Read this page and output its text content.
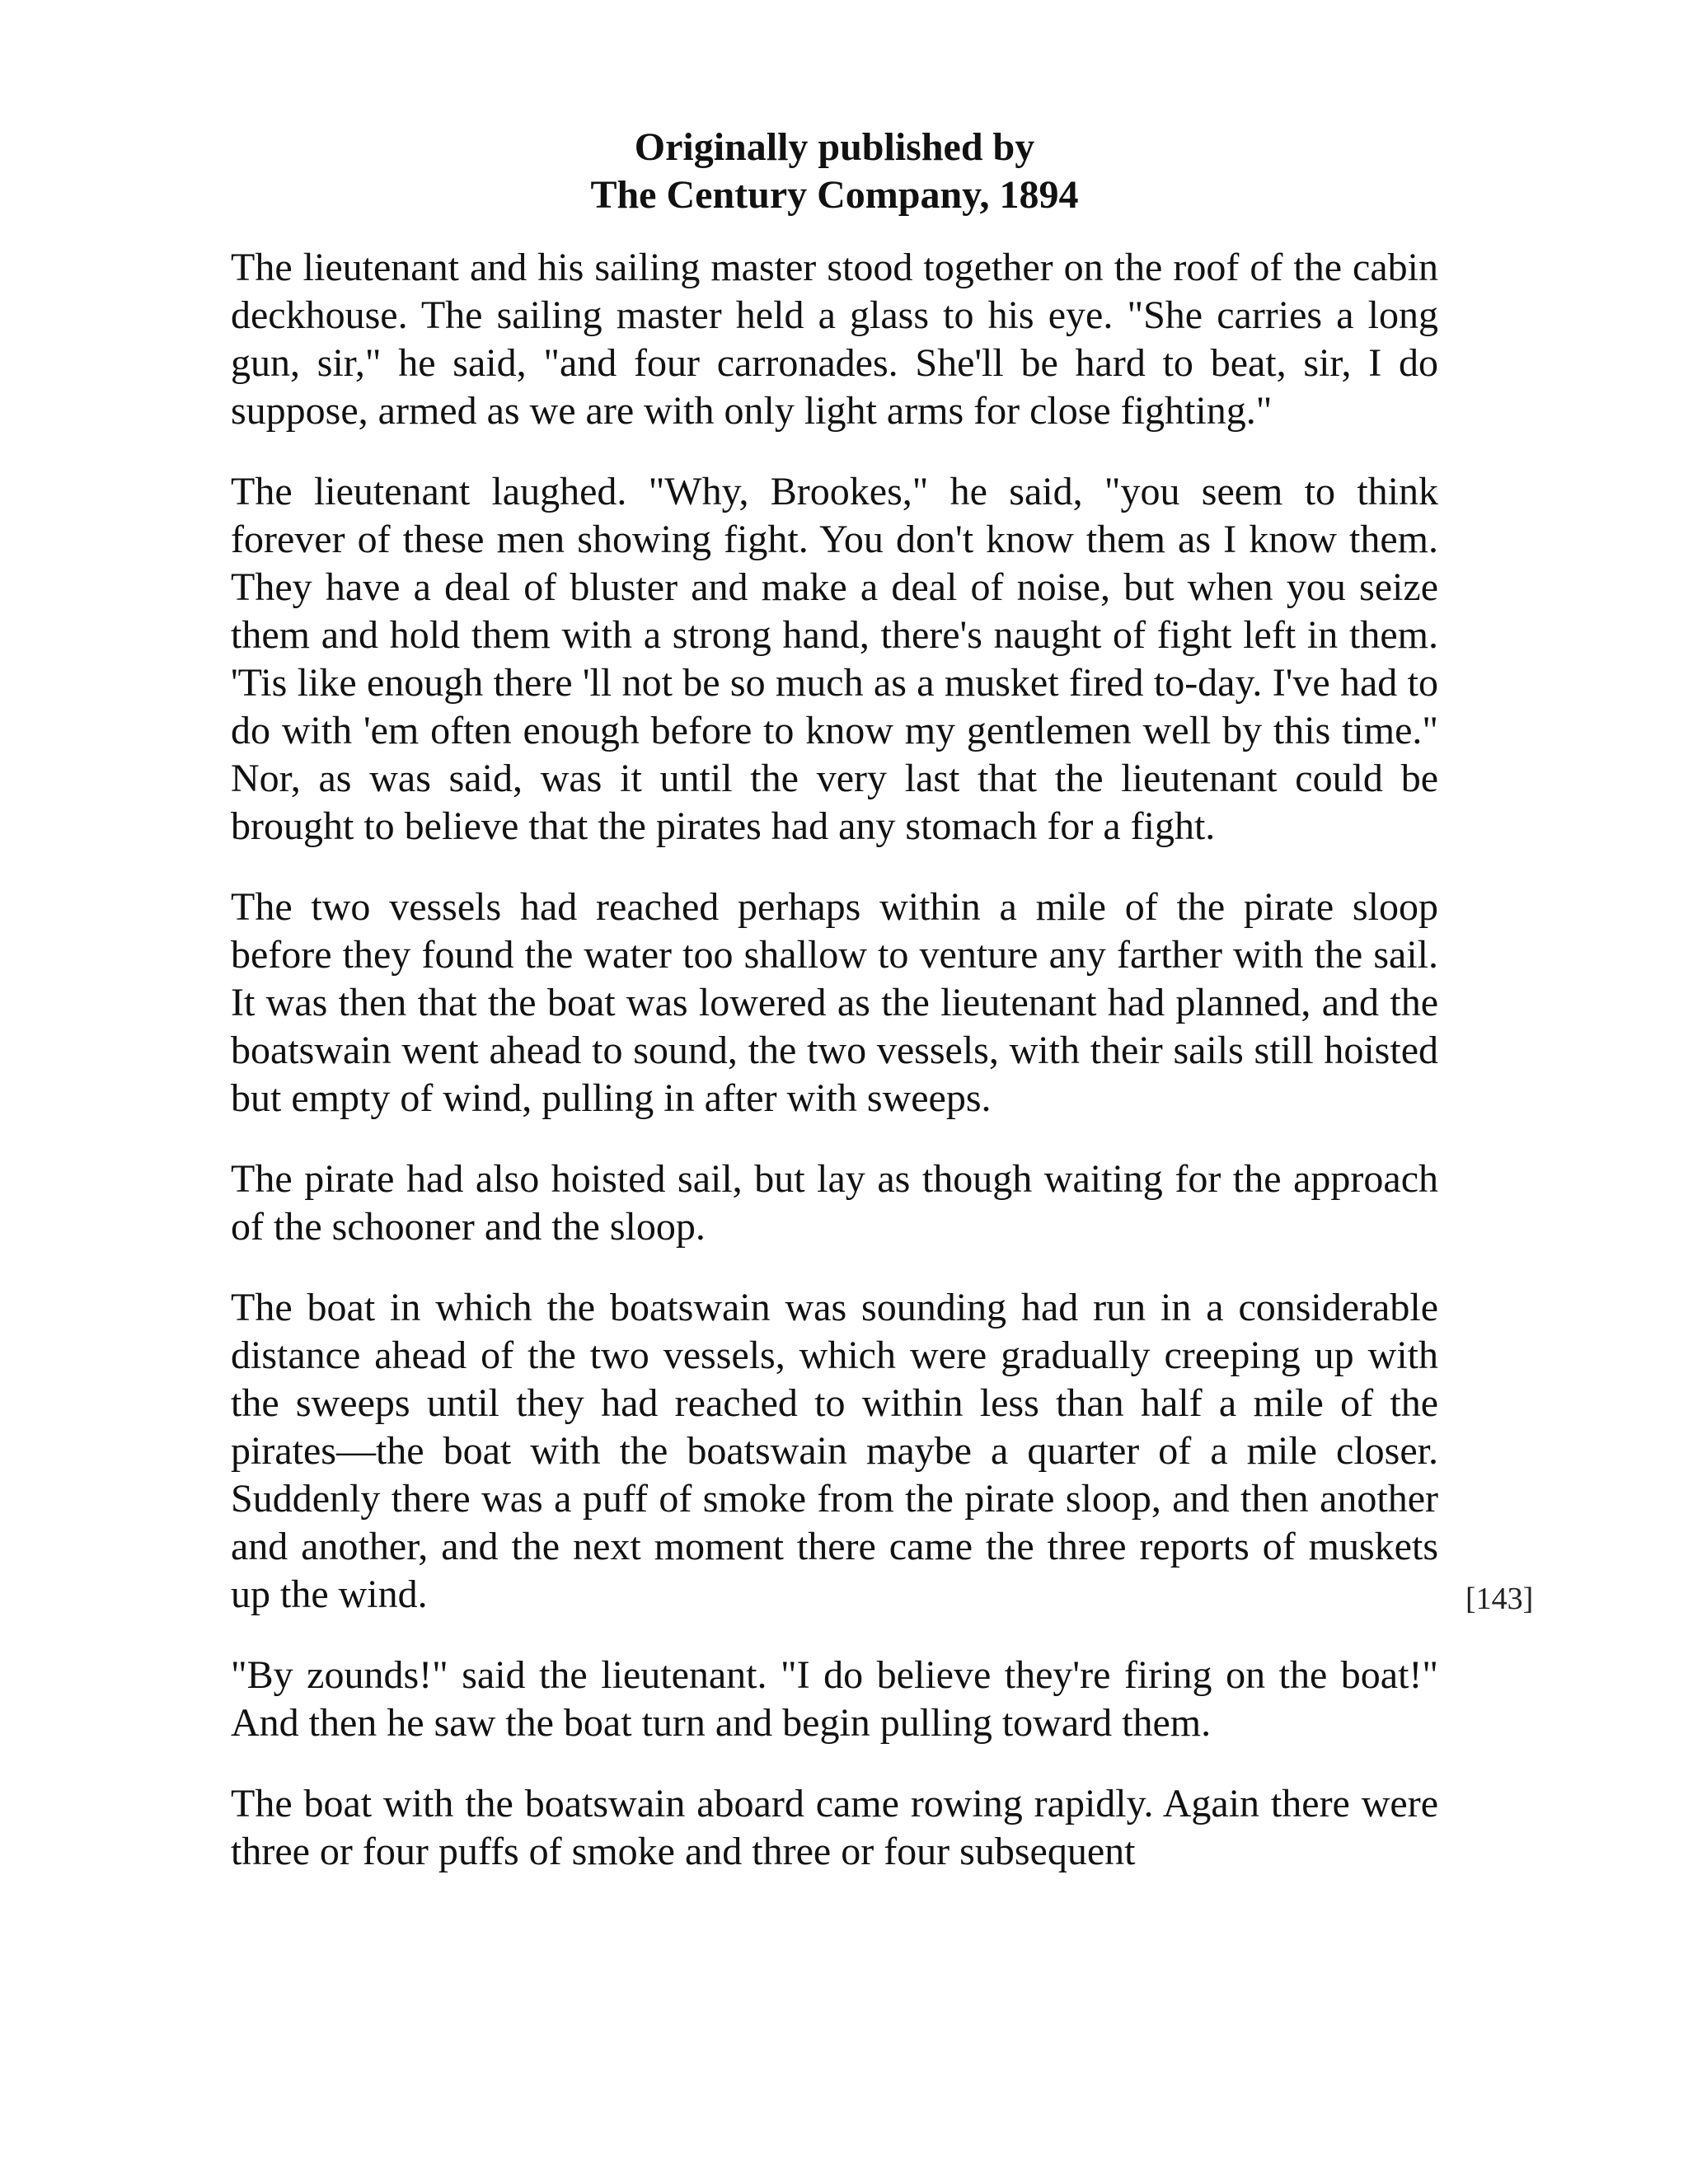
Originally published by
The Century Company, 1894

The lieutenant and his sailing master stood together on the roof of the cabin deckhouse. The sailing master held a glass to his eye. "She carries a long gun, sir," he said, "and four carronades. She'll be hard to beat, sir, I do suppose, armed as we are with only light arms for close fighting."

The lieutenant laughed. "Why, Brookes," he said, "you seem to think forever of these men showing fight. You don't know them as I know them. They have a deal of bluster and make a deal of noise, but when you seize them and hold them with a strong hand, there's naught of fight left in them. 'Tis like enough there 'll not be so much as a musket fired to-day. I've had to do with 'em often enough before to know my gentlemen well by this time." Nor, as was said, was it until the very last that the lieutenant could be brought to believe that the pirates had any stomach for a fight.

The two vessels had reached perhaps within a mile of the pirate sloop before they found the water too shallow to venture any farther with the sail. It was then that the boat was lowered as the lieutenant had planned, and the boatswain went ahead to sound, the two vessels, with their sails still hoisted but empty of wind, pulling in after with sweeps.

The pirate had also hoisted sail, but lay as though waiting for the approach of the schooner and the sloop.

The boat in which the boatswain was sounding had run in a considerable distance ahead of the two vessels, which were gradually creeping up with the sweeps until they had reached to within less than half a mile of the pirates—the boat with the boatswain maybe a quarter of a mile closer. Suddenly there was a puff of smoke from the pirate sloop, and then another and another, and the next moment there came the three reports of muskets up the wind.

"By zounds!" said the lieutenant. "I do believe they're firing on the boat!" And then he saw the boat turn and begin pulling toward them.

The boat with the boatswain aboard came rowing rapidly. Again there were three or four puffs of smoke and three or four subsequent

[143]
